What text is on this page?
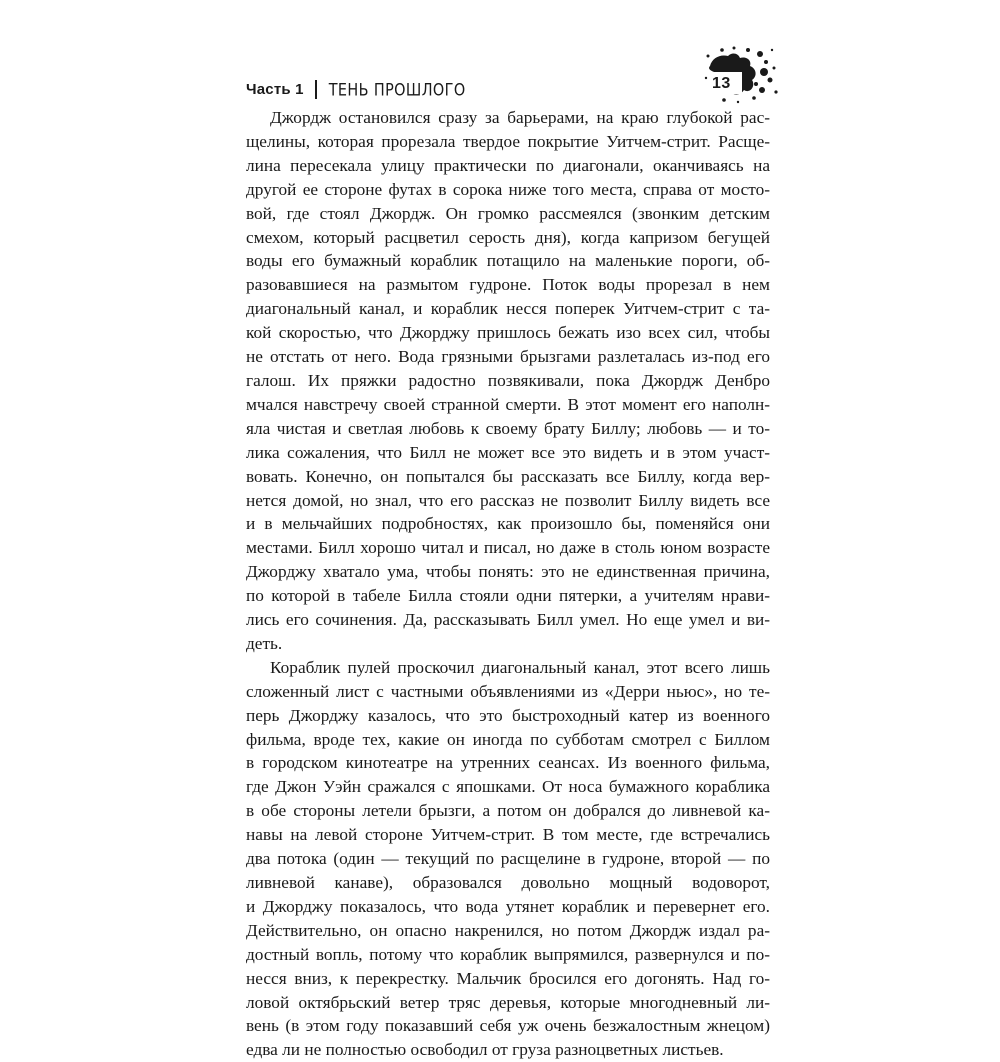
Часть 1 ТЕНЬ ПРОШЛОГО	13

Джордж остановился сразу за барьерами, на краю глубокой рас-
щелины, которая прорезала твердое покрытие Уитчем-стрит. Расще-
лина пересекала улицу практически по диагонали, оканчиваясь на
другой ее стороне футах в сорока ниже того места, справа от мосто-
вой, где стоял Джордж. Он громко рассмеялся (звонким детским
смехом, который расцветил серость дня), когда капризом бегущей
воды его бумажный кораблик потащило на маленькие пороги, об-
разовавшиеся на размытом гудроне. Поток воды прорезал в нем
диагональный канал, и кораблик несся поперек Уитчем-стрит с та-
кой скоростью, что Джорджу пришлось бежать изо всех сил, чтобы
не отстать от него. Вода грязными брызгами разлеталась из-под его
галош. Их пряжки радостно позвякивали, пока Джордж Денбро
мчался навстречу своей странной смерти. В этот момент его наполн-
яла чистая и светлая любовь к своему брату Биллу; любовь — и то-
лика сожаления, что Билл не может все это видеть и в этом участ-
вовать. Конечно, он попытался бы рассказать все Биллу, когда вер-
нется домой, но знал, что его рассказ не позволит Биллу видеть все
и в мельчайших подробностях, как произошло бы, поменяйся они
местами. Билл хорошо читал и писал, но даже в столь юном возрасте
Джорджу хватало ума, чтобы понять: это не единственная причина,
по которой в табеле Билла стояли одни пятерки, а учителям нрави-
лись его сочинения. Да, рассказывать Билл умел. Но еще умел и ви-
деть.

Кораблик пулей проскочил диагональный канал, этот всего лишь
сложенный лист с частными объявлениями из «Дерри ньюс», но те-
перь Джорджу казалось, что это быстроходный катер из военного
фильма, вроде тех, какие он иногда по субботам смотрел с Биллом
в городском кинотеатре на утренних сеансах. Из военного фильма,
где Джон Уэйн сражался с япошками. От носа бумажного кораблика
в обе стороны летели брызги, а потом он добрался до ливневой ка-
навы на левой стороне Уитчем-стрит. В том месте, где встречались
два потока (один — текущий по расщелине в гудроне, второй — по
ливневой канаве), образовался довольно мощный водоворот,
и Джорджу показалось, что вода утянет кораблик и перевернет его.
Действительно, он опасно накренился, но потом Джордж издал ра-
достный вопль, потому что кораблик выпрямился, развернулся и по-
несся вниз, к перекрестку. Мальчик бросился его догонять. Над го-
ловой октябрьский ветер тряс деревья, которые многодневный ли-
вень (в этом году показавший себя уж очень безжалостным жнецом)
едва ли не полностью освободил от груза разноцветных листьев.
